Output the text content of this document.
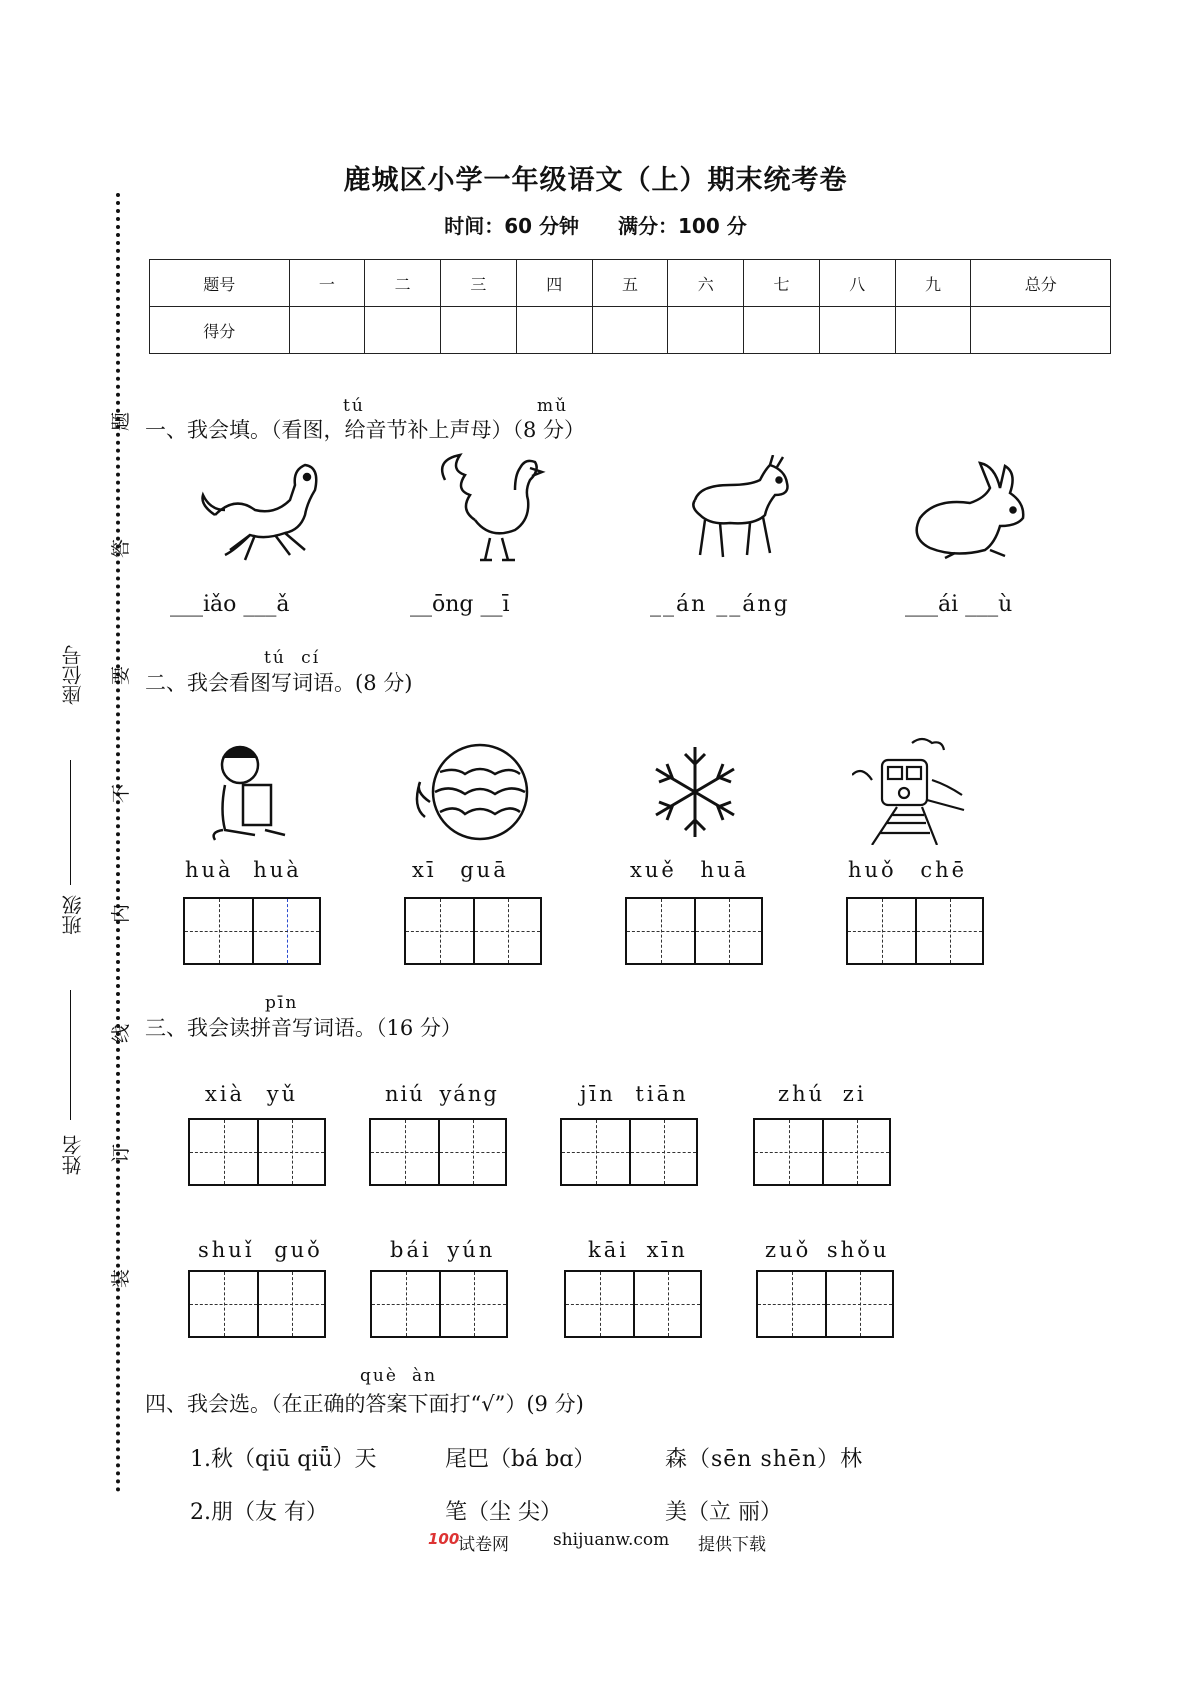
鹿城区小学一年级语文（上）期末统考卷
时间：60 分钟 满分：100 分
题号	一	二	三	四	五	六	七	八	九	总分
得分										
题
答
要
不
内
线
订
装
座位号
班级
姓名
tú	mǔ
一、我会填。（看图，给音节补上声母）（8 分）
___iǎo ___ǎ	__ōng __ī	__án __áng	___ái ___ù
tú cí
二、我会看图写词语。(8 分)
huà huà	xī guā	xuě huā	huǒ chē
pīn
三、我会读拼音写词语。（16 分）
xià yǔ	niú yáng	jīn tiān	zhú zi
shuǐ guǒ	bái yún	kāi xīn	zuǒ shǒu
què àn
四、我会选。（在正确的答案下面打“√”）(9 分)
1.秋（qiū qiǖ）天	尾巴（bá bɑ）	森（sēn shēn）林
2.朋（友 有）	笔（尘 尖）	美（立 丽）
100
试卷网	shijuanw.com 提供下载
